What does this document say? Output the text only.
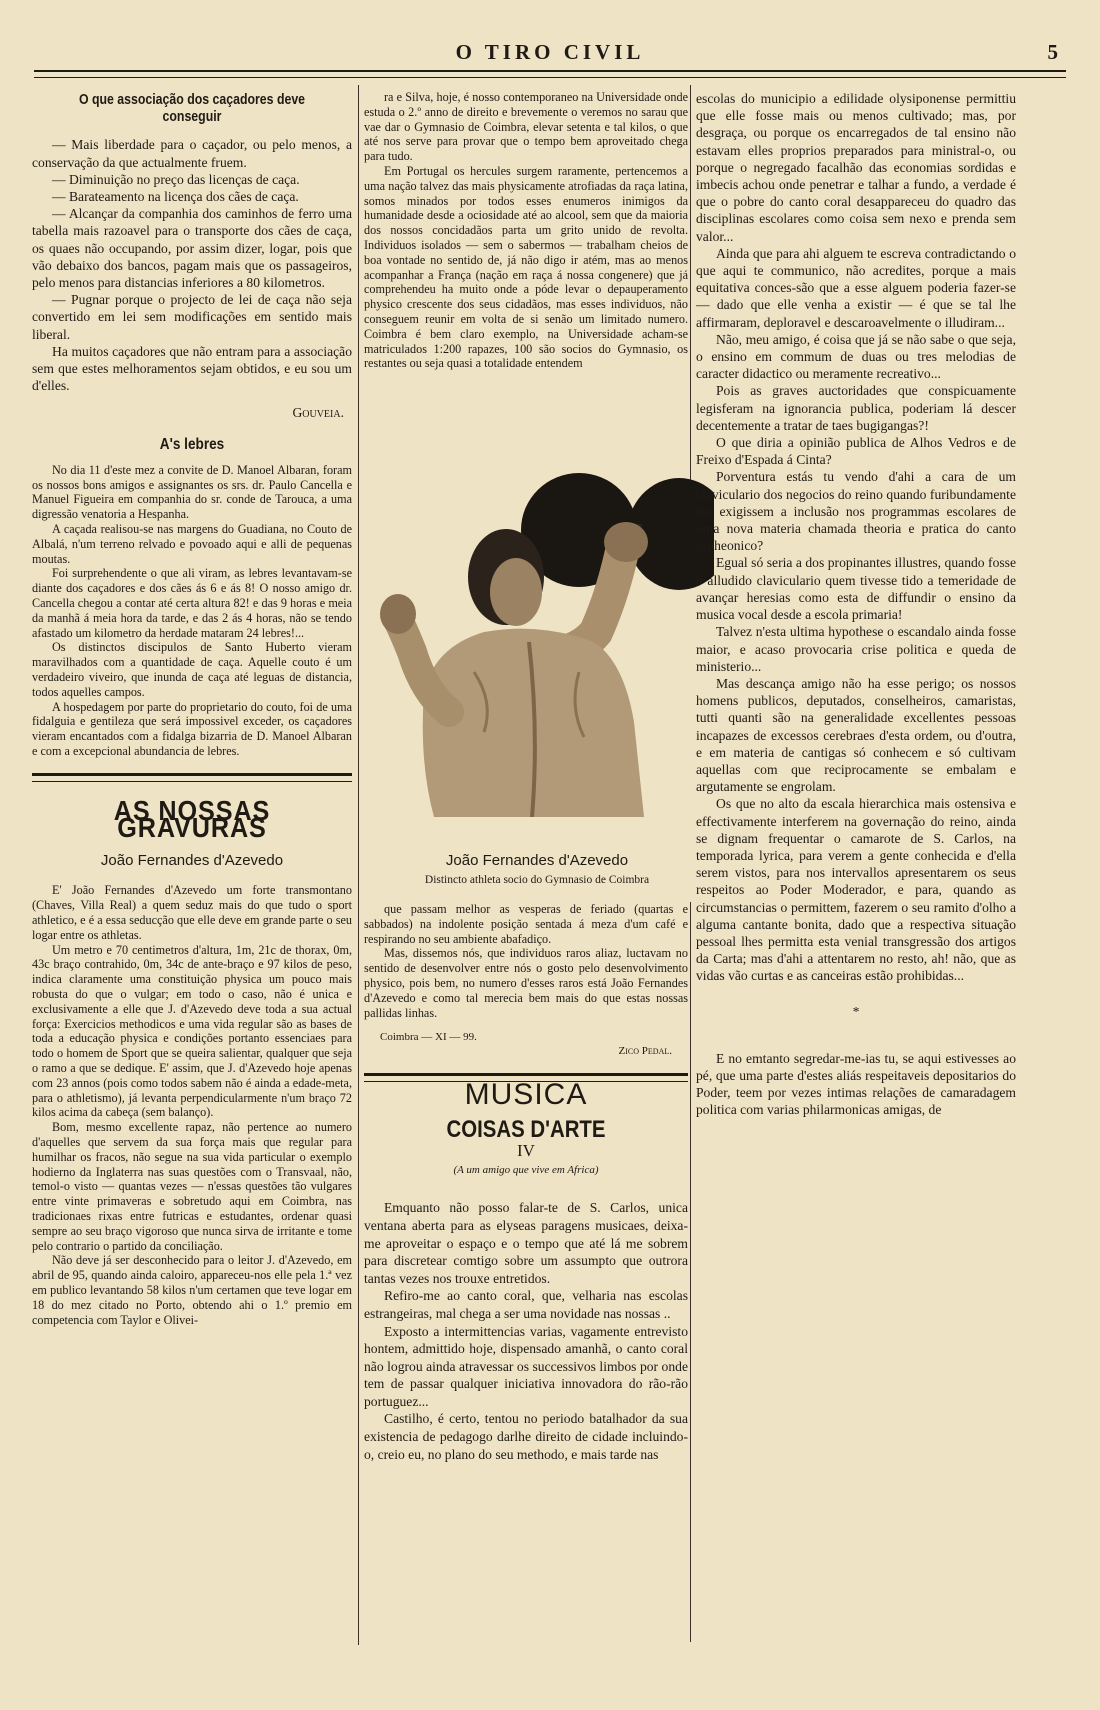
O TIRO CIVIL	5
O que associação dos caçadores deve conseguir

— Mais liberdade para o caçador, ou pelo menos, a conservação da que actualmente fruem.

— Diminuição no preço das licenças de caça.

— Barateamento na licença dos cães de caça.

— Alcançar da companhia dos caminhos de ferro uma tabella mais razoavel para o transporte dos cães de caça, os quaes não occupando, por assim dizer, logar, pois que vão debaixo dos bancos, pagam mais que os passageiros, pelo menos para distancias inferiores a 80 kilometros.

— Pugnar porque o projecto de lei de caça não seja convertido em lei sem modificações em sentido mais liberal.

Ha muitos caçadores que não entram para a associação sem que estes melhoramentos sejam obtidos, e eu sou um d'elles.

Gouveia.
A's lebres

No dia 11 d'este mez a convite de D. Manoel Albaran, foram os nossos bons amigos e assignantes os srs. dr. Paulo Cancella e Manuel Figueira em companhia do sr. conde de Tarouca, a uma digressão venatoria a Hespanha.

A caçada realisou-se nas margens do Guadiana, no Couto de Albalá, n'um terreno relvado e povoado aqui e alli de pequenas moutas.

Foi surprehendente o que ali viram, as lebres levantavam-se diante dos caçadores e dos cães ás 6 e ás 8! O nosso amigo dr. Cancella chegou a contar até certa altura 82! e das 9 horas e meia da manhã á meia hora da tarde, e das 2 ás 4 horas, não se tendo afastado um kilometro da herdade mataram 24 lebres!...

Os distinctos discipulos de Santo Huberto vieram maravilhados com a quantidade de caça. Aquelle couto é um verdadeiro viveiro, que inunda de caça até leguas de distancia, todos aquelles campos.

A hospedagem por parte do proprietario do couto, foi de uma fidalguia e gentileza que será impossivel exceder, os caçadores vieram encantados com a fidalga bizarria de D. Manoel Albaran e com a excepcional abundancia de lebres.

AS NOSSAS GRAVURAS
João Fernandes d'Azevedo

E' João Fernandes d'Azevedo um forte transmontano (Chaves, Villa Real) a quem seduz mais do que tudo o sport athletico, e é a essa seducção que elle deve em grande parte o seu logar entre os athletas.

Um metro e 70 centimetros d'altura, 1m, 21c de thorax, 0m, 43c braço contrahido, 0m, 34c de ante-braço e 97 kilos de peso, indica claramente uma constituição physica um pouco mais robusta do que o vulgar; em todo o caso, não é unica e exclusivamente a elle que J. d'Azevedo deve toda a sua actual força: Exercicios methodicos e uma vida regular são as bases de toda a educação physica e condições portanto essenciaes para todo o homem de Sport que se queira salientar, qualquer que seja o ramo a que se dedique. E' assim, que J. d'Azevedo hoje apenas com 23 annos (pois como todos sabem não é ainda a edade-meta, para o athletismo), já levanta perpendicularmente n'um braço 72 kilos acima da cabeça (sem balanço).

Bom, mesmo excellente rapaz, não pertence ao numero d'aquelles que servem da sua força mais que regular para humilhar os fracos, não segue na sua vida particular o exemplo hodierno da Inglaterra nas suas questões com o Transvaal, não, temol-o visto — quantas vezes — n'essas questões tão vulgares entre vinte primaveras e sobretudo aqui em Coimbra, nas tradicionaes rixas entre futricas e estudantes, ordenar quasi sempre ao seu braço vigoroso que nunca sirva de irritante e tome pelo contrario o partido da conciliação.

Não deve já ser desconhecido para o leitor J. d'Azevedo, em abril de 95, quando ainda caloiro, appareceu-nos elle pela 1.ª vez em publico levantando 58 kilos n'um certamen que teve logar em 18 do mez citado no Porto, obtendo ahi o 1.º premio em competencia com Taylor e Olivei-

ra e Silva, hoje, é nosso contemporaneo na Universidade onde estuda o 2.º anno de direito e brevemente o veremos no sarau que vae dar o Gymnasio de Coimbra, elevar setenta e tal kilos, o que até nos serve para provar que o tempo bem aproveitado chega para tudo.

Em Portugal os hercules surgem raramente, pertencemos a uma nação talvez das mais physicamente atrofiadas da raça latina, somos minados por todos esses enumeros inimigos da humanidade desde a ociosidade até ao alcool, sem que da maioria dos nossos concidadãos parta um grito unido de revolta. Individuos isolados — sem o sabermos — trabalham cheios de boa vontade no sentido de, já não digo ir atém, mas ao menos acompanhar a França (nação em raça á nossa congenere) que já comprehendeu ha muito onde a póde levar o depauperamento physico crescente dos seus cidadãos, mas esses individuos, não conseguem reunir em volta de si senão um limitado numero. Coimbra é bem claro exemplo, na Universidade acham-se matriculados 1:200 rapazes, 100 são socios do Gymnasio, os restantes ou seja quasi a totalidade entendem

João Fernandes d'Azevedo
Distincto athleta socio do Gymnasio de Coimbra

que passam melhor as vesperas de feriado (quartas e sabbados) na indolente posição sentada á meza d'um café e respirando no seu ambiente abafadiço.

Mas, dissemos nós, que individuos raros aliaz, luctavam no sentido de desenvolver entre nós o gosto pelo desenvolvimento physico, pois bem, no numero d'esses raros está João Fernandes d'Azevedo e como tal merecia bem mais do que estas nossas pallidas linhas.

Coimbra — XI — 99.
Zico Pedal.
MUSICA
COISAS D'ARTE
IV
(A um amigo que vive em Africa)

Emquanto não posso falar-te de S. Carlos, unica ventana aberta para as elyseas paragens musicaes, deixa-me aproveitar o espaço e o tempo que até lá me sobrem para discretear comtigo sobre um assumpto que outrora tantas vezes nos trouxe entretidos.

Refiro-me ao canto coral, que, velharia nas escolas estrangeiras, mal chega a ser uma novidade nas nossas ..

Exposto a intermittencias varias, vagamente entrevisto hontem, admittido hoje, dispensado amanhã, o canto coral não logrou ainda atravessar os successivos limbos por onde tem de passar qualquer iniciativa innovadora do rão-rão portuguez...

Castilho, é certo, tentou no periodo batalhador da sua existencia de pedagogo darlhe direito de cidade incluindo-o, creio eu, no plano do seu methodo, e mais tarde nas

escolas do municipio a edilidade olysiponense permittiu que elle fosse mais ou menos cultivado; mas, por desgraça, ou porque os encarregados de tal ensino não estavam elles proprios preparados para ministral-o, ou porque o negregado facalhão das economias sordidas e imbecis achou onde penetrar e talhar a fundo, a verdade é que o pobre do canto coral desappareceu do quadro das disciplinas escolares como coisa sem nexo e prenda sem valor...

Ainda que para ahi alguem te escreva contradictando o que aqui te communico, não acredites, porque a mais equitativa conces-são que a esse alguem poderia fazer-se — dado que elle venha a existir — é que se tal lhe affirmaram, deploravel e descaroavelmente o illudiram...

Não, meu amigo, é coisa que já se não sabe o que seja, o ensino em commum de duas ou tres melodias de caracter didactico ou meramente recreativo...

Pois as graves auctoridades que conspicuamente legisferam na ignorancia publica, poderiam lá descer decentemente a tratar de taes bugigangas?!

O que diria a opinião publica de Alhos Vedros e de Freixo d'Espada á Cinta?

Porventura estás tu vendo d'ahi a cara de um claviculario dos negocios do reino quando furibundamente lhe exigissem a inclusão nos programmas escolares de uma nova materia chamada theoria e pratica do canto orpheonico?

Egual só seria a dos propinantes illustres, quando fosse o alludido claviculario quem tivesse tido a temeridade de avançar heresias como esta de diffundir o ensino da musica vocal desde a escola primaria!

Talvez n'esta ultima hypothese o escandalo ainda fosse maior, e acaso provocaria crise politica e queda de ministerio...

Mas descança amigo não ha esse perigo; os nossos homens publicos, deputados, conselheiros, camaristas, tutti quanti são na generalidade excellentes pessoas incapazes de excessos cerebraes d'esta ordem, ou d'outra, e em materia de cantigas só conhecem e só cultivam aquellas com que reciprocamente se embalam e argutamente se engrolam.

Os que no alto da escala hierarchica mais ostensiva e effectivamente interferem na governação do reino, ainda se dignam frequentar o camarote de S. Carlos, na temporada lyrica, para verem a gente conhecida e d'ella serem vistos, para nos intervallos apresentarem os seus respeitos ao Poder Moderador, e para, quando as circumstancias o permittem, fazerem o seu ramito d'olho a alguma cantante bonita, dado que a respectiva situação pessoal lhes permitta esta venial transgressão dos artigos da Carta; mas d'ahi a attentarem no resto, ah! não, que as vidas vão curtas e as canceiras estão prohibidas...

*

E no emtanto segredar-me-ias tu, se aqui estivesses ao pé, que uma parte d'estes aliás respeitaveis depositarios do Poder, teem por vezes intimas relações de camaradagem politica com varias philarmonicas amigas, de
